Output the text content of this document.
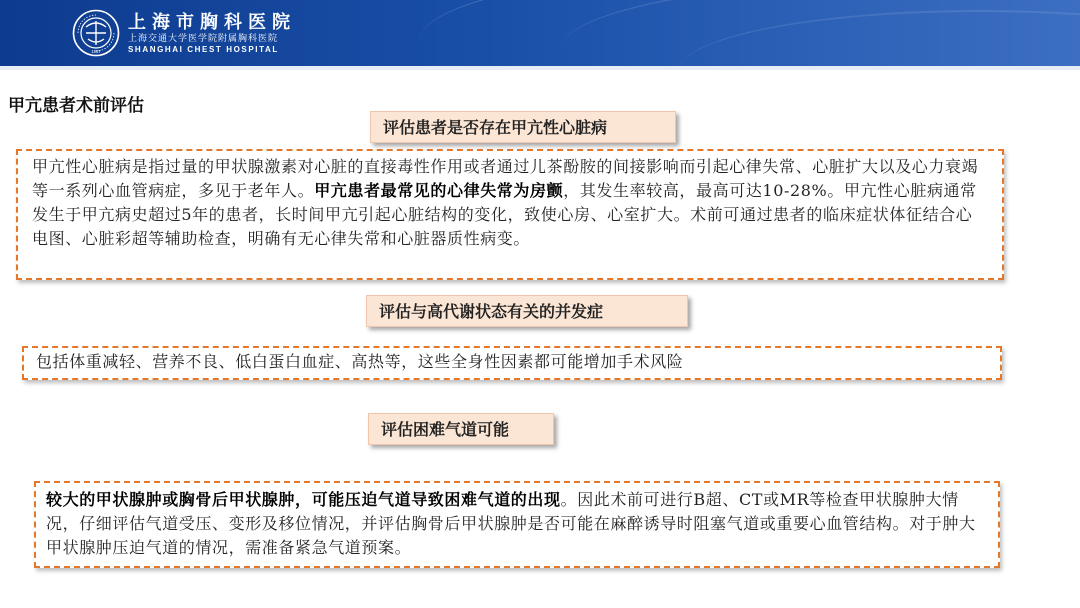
1957
上海市胸科医院
上海交通大学医学院附属胸科医院
SHANGHAI CHEST HOSPITAL
甲亢患者术前评估
评估患者是否存在甲亢性心脏病
甲亢性心脏病是指过量的甲状腺激素对心脏的直接毒性作用或者通过儿茶酚胺的间接影响而引起心律失常、心脏扩大以及心力衰竭等一系列心血管病症，多见于老年人。甲亢患者最常见的心律失常为房颤，其发生率较高，最高可达10-28%。甲亢性心脏病通常发生于甲亢病史超过5年的患者，长时间甲亢引起心脏结构的变化，致使心房、心室扩大。术前可通过患者的临床症状体征结合心电图、心脏彩超等辅助检查，明确有无心律失常和心脏器质性病变。
评估与高代谢状态有关的并发症
包括体重减轻、营养不良、低白蛋白血症、高热等，这些全身性因素都可能增加手术风险
评估困难气道可能
较大的甲状腺肿或胸骨后甲状腺肿，可能压迫气道导致困难气道的出现。因此术前可进行B超、CT或MR等检查甲状腺肿大情况，仔细评估气道受压、变形及移位情况，并评估胸骨后甲状腺肿是否可能在麻醉诱导时阻塞气道或重要心血管结构。对于肿大甲状腺肿压迫气道的情况，需准备紧急气道预案。
